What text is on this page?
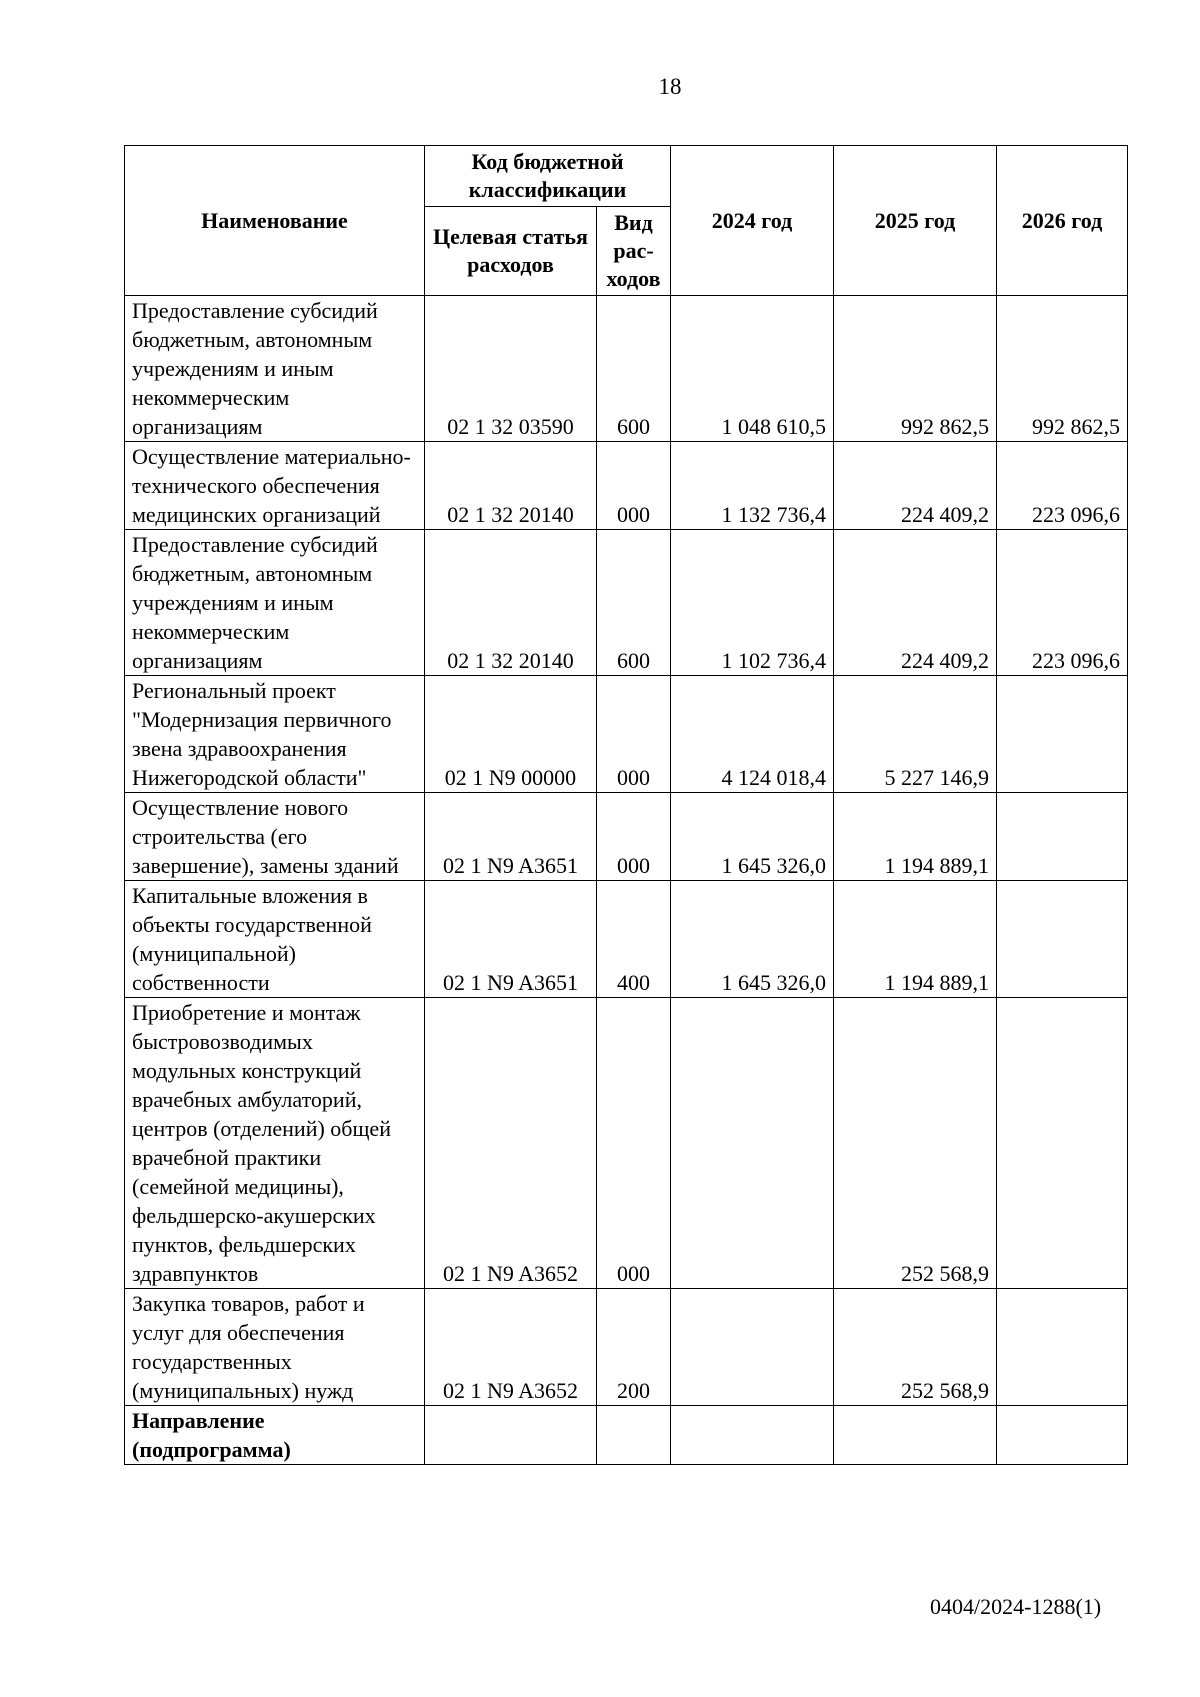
18
Наименование	Код бюджетной классификации		2024 год	2025 год	2026 год
	Целевая статья расходов	Вид рас-ходов			
Предоставление субсидий бюджетным, автономным учреждениям и иным некоммерческим организациям	02 1 32 03590	600	1 048 610,5	992 862,5	992 862,5
Осуществление материально-технического обеспечения медицинских организаций	02 1 32 20140	000	1 132 736,4	224 409,2	223 096,6
Предоставление субсидий бюджетным, автономным учреждениям и иным некоммерческим организациям	02 1 32 20140	600	1 102 736,4	224 409,2	223 096,6
Региональный проект "Модернизация первичного звена здравоохранения Нижегородской области"	02 1 N9 00000	000	4 124 018,4	5 227 146,9	
Осуществление нового строительства (его завершение), замены зданий	02 1 N9 A3651	000	1 645 326,0	1 194 889,1	
Капитальные вложения в объекты государственной (муниципальной) собственности	02 1 N9 A3651	400	1 645 326,0	1 194 889,1	
Приобретение и монтаж быстровозводимых модульных конструкций врачебных амбулаторий, центров (отделений) общей врачебной практики (семейной медицины), фельдшерско-акушерских пунктов, фельдшерских здравпунктов	02 1 N9 A3652	000		252 568,9	
Закупка товаров, работ и услуг для обеспечения государственных (муниципальных) нужд	02 1 N9 A3652	200		252 568,9	
Направление (подпрограмма)					
0404/2024-1288(1)
